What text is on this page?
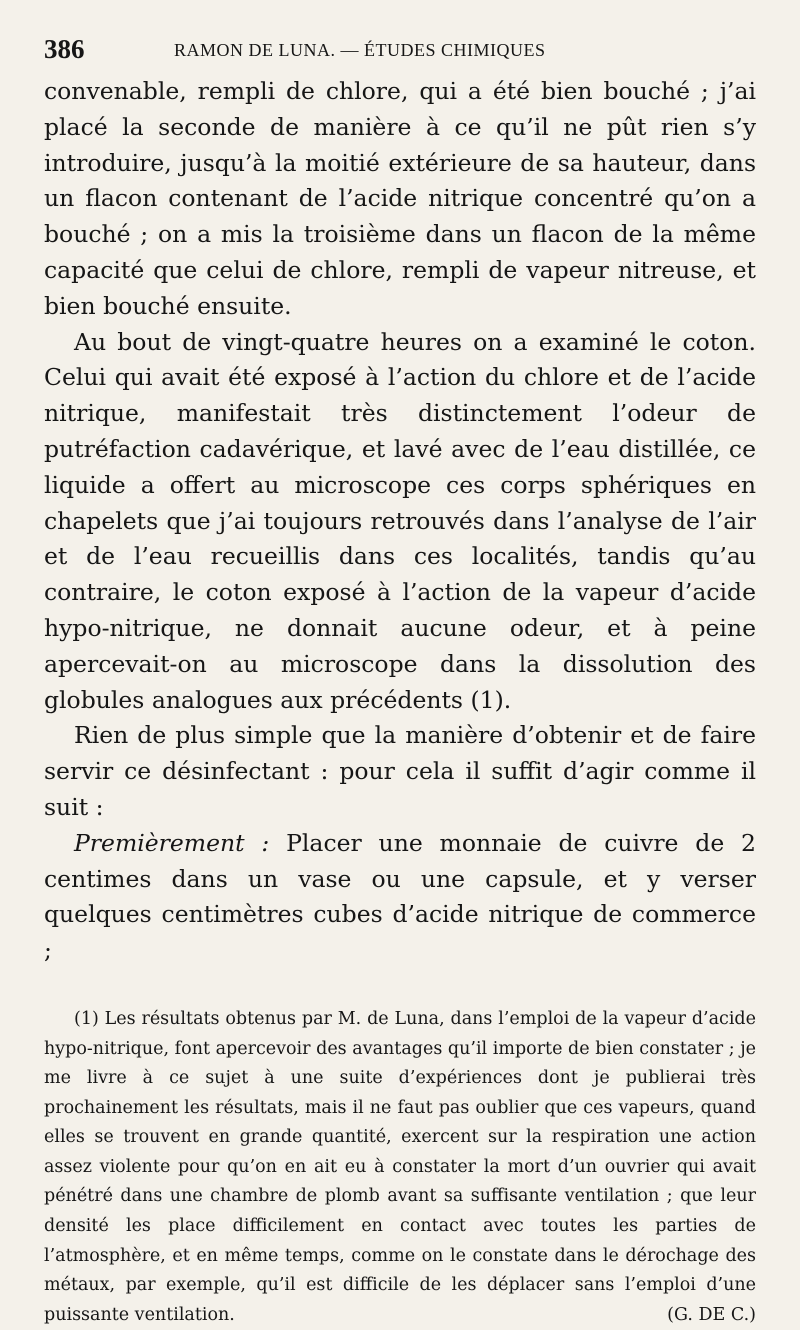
386	RAMON DE LUNA. — ÉTUDES CHIMIQUES

convenable, rempli de chlore, qui a été bien bouché ; j’ai placé la seconde de manière à ce qu’il ne pût rien s’y introduire, jusqu’à la moitié extérieure de sa hauteur, dans un flacon contenant de l’acide nitrique concentré qu’on a bouché ; on a mis la troisième dans un flacon de la même capacité que celui de chlore, rempli de vapeur nitreuse, et bien bouché ensuite.

Au bout de vingt-quatre heures on a examiné le coton. Celui qui avait été exposé à l’action du chlore et de l’acide nitrique, manifestait très distinctement l’odeur de putréfaction cadavérique, et lavé avec de l’eau distillée, ce liquide a offert au microscope ces corps sphériques en chapelets que j’ai toujours retrouvés dans l’analyse de l’air et de l’eau recueillis dans ces localités, tandis qu’au contraire, le coton exposé à l’action de la vapeur d’acide hypo-nitrique, ne donnait aucune odeur, et à peine apercevait-on au microscope dans la dissolution des globules analogues aux précédents (1).

Rien de plus simple que la manière d’obtenir et de faire servir ce désinfectant : pour cela il suffit d’agir comme il suit :

Premièrement : Placer une monnaie de cuivre de 2 centimes dans un vase ou une capsule, et y verser quelques centimètres cubes d’acide nitrique de commerce ;

(1) Les résultats obtenus par M. de Luna, dans l’emploi de la vapeur d’acide hypo-nitrique, font apercevoir des avantages qu’il importe de bien constater ; je me livre à ce sujet à une suite d’expériences dont je publierai très prochainement les résultats, mais il ne faut pas oublier que ces vapeurs, quand elles se trouvent en grande quantité, exercent sur la respiration une action assez violente pour qu’on en ait eu à constater la mort d’un ouvrier qui avait pénétré dans une chambre de plomb avant sa suffisante ventilation ; que leur densité les place difficilement en contact avec toutes les parties de l’atmosphère, et en même temps, comme on le constate dans le dérochage des métaux, par exemple, qu’il est difficile de les déplacer sans l’emploi d’une puissante ventilation.	(G. DE C.)
